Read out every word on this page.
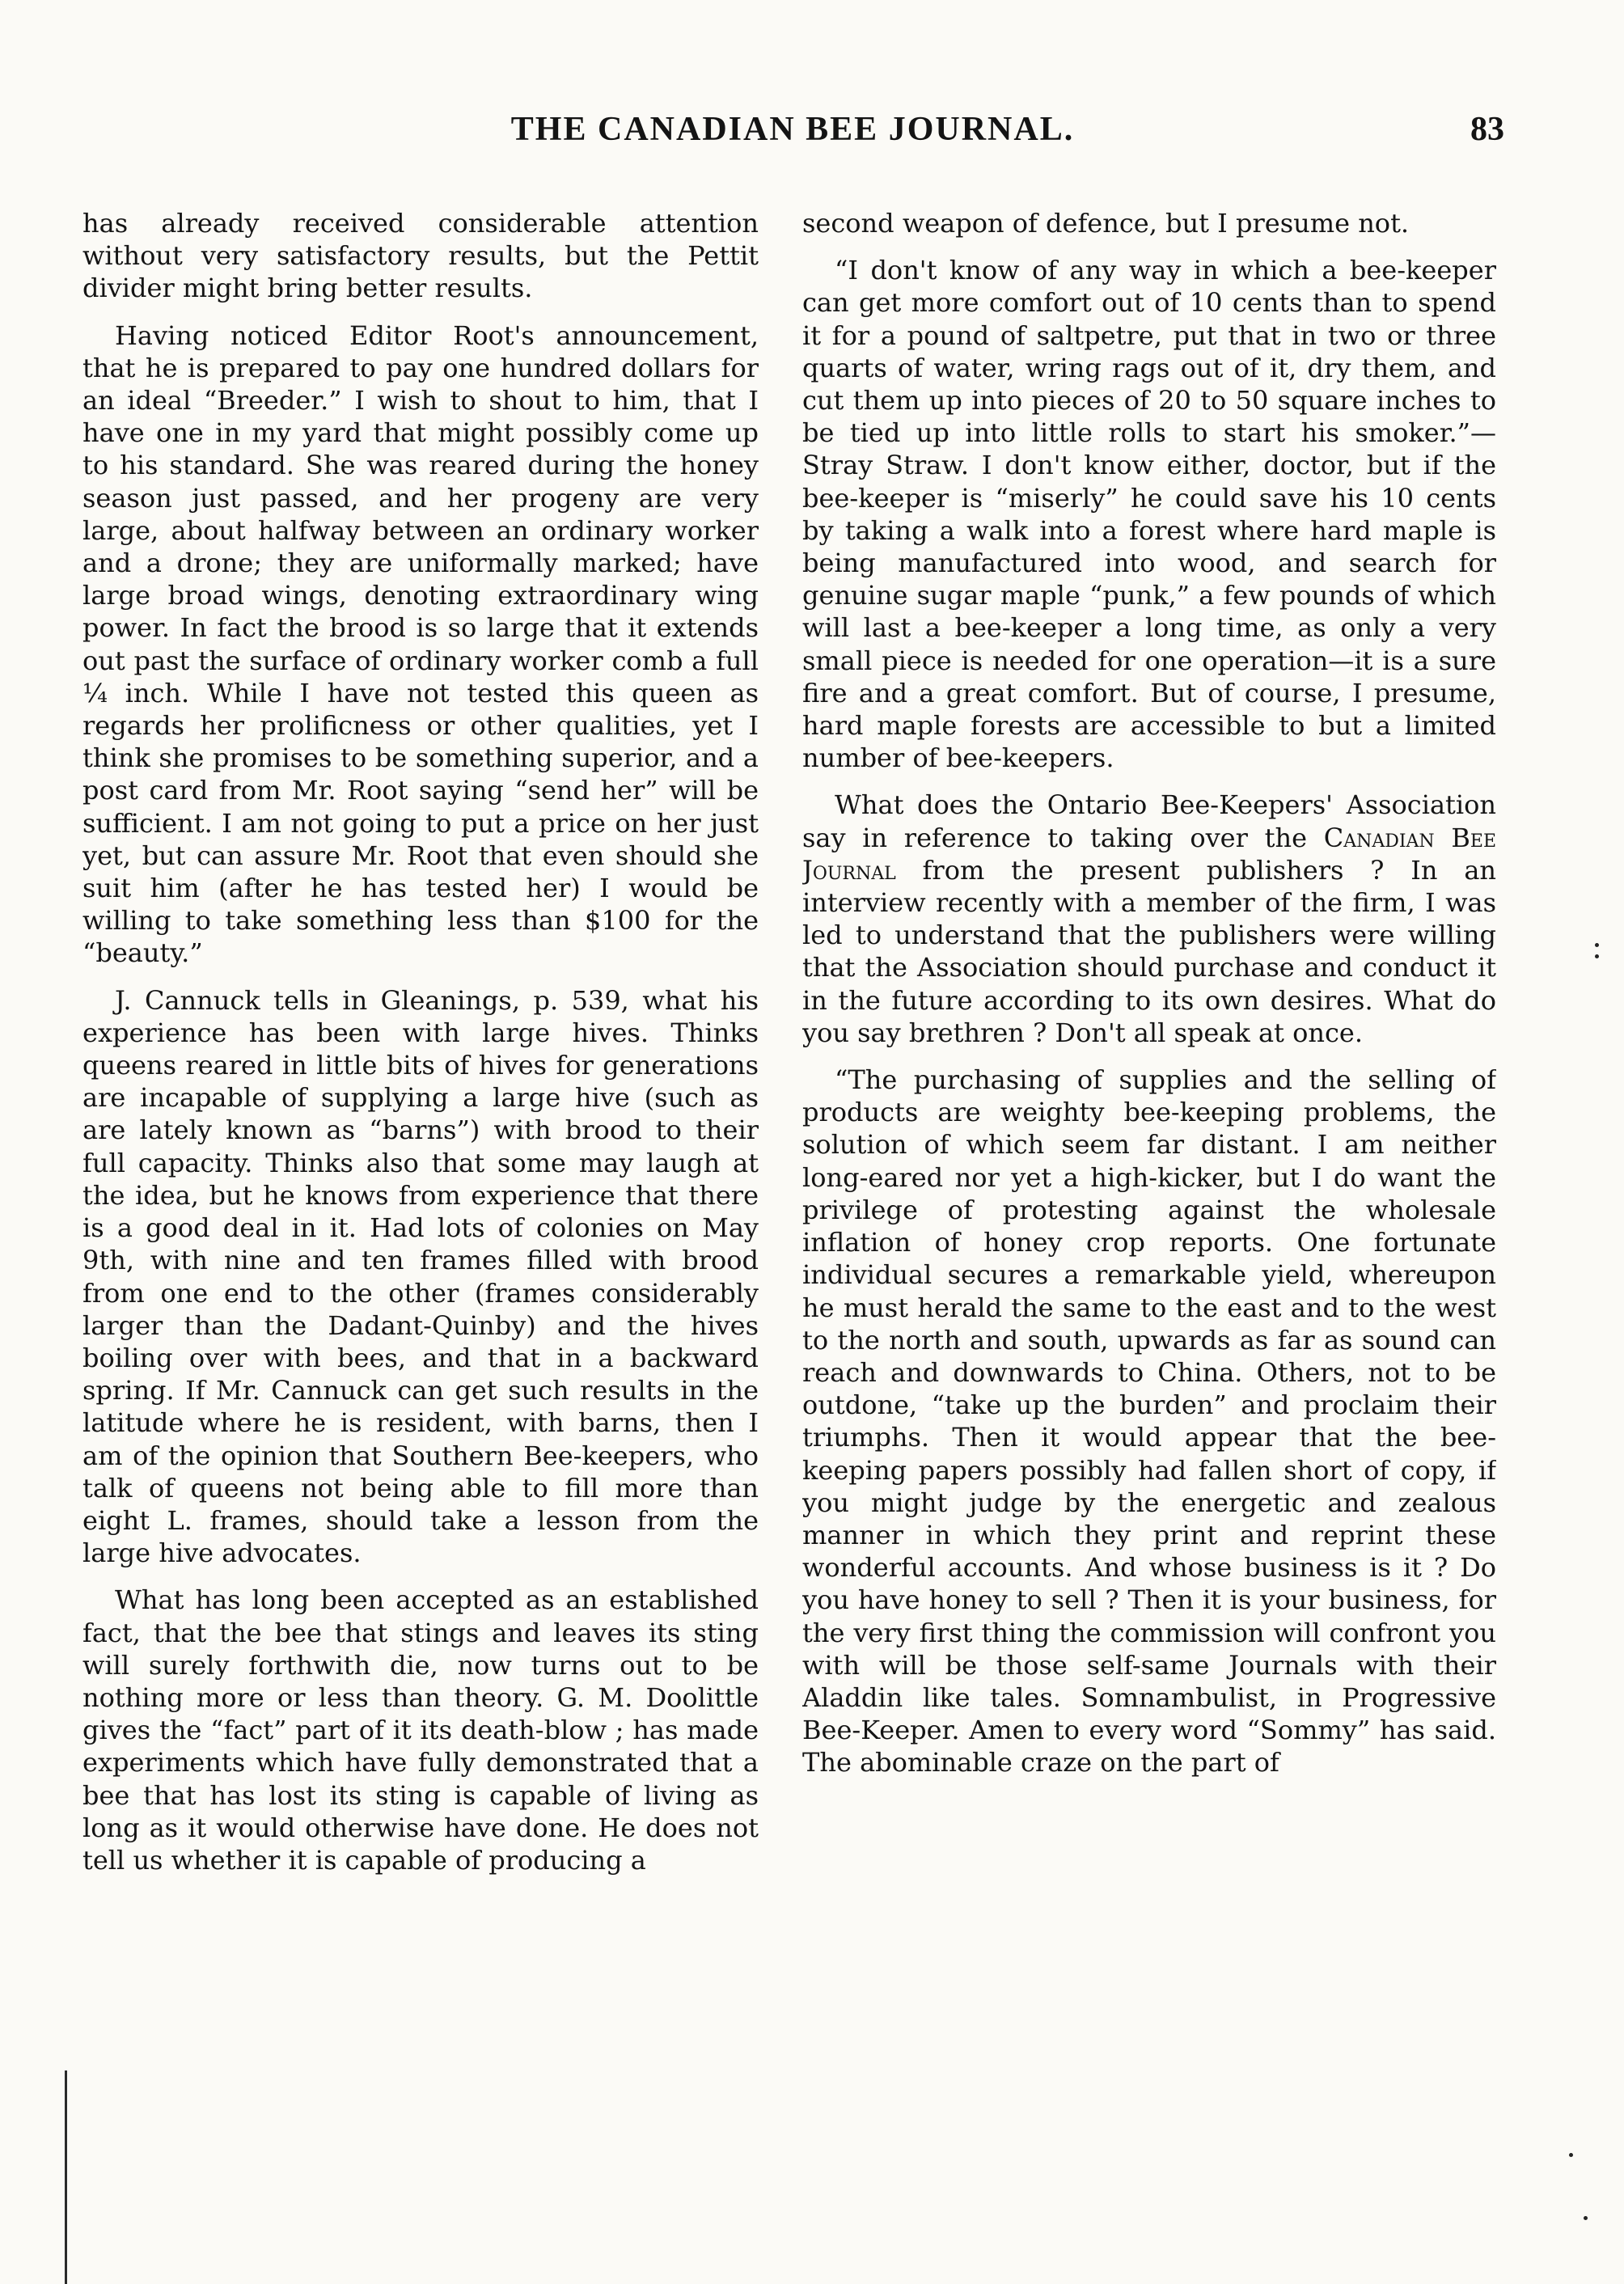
THE CANADIAN BEE JOURNAL.	83

has already received considerable attention without very satisfactory results, but the Pettit divider might bring better results.

Having noticed Editor Root's announcement, that he is prepared to pay one hundred dollars for an ideal “Breeder.” I wish to shout to him, that I have one in my yard that might possibly come up to his standard. She was reared during the honey season just passed, and her progeny are very large, about halfway between an ordinary worker and a drone; they are uniformally marked; have large broad wings, denoting extraordinary wing power. In fact the brood is so large that it extends out past the surface of ordinary worker comb a full ¼ inch. While I have not tested this queen as regards her prolificness or other qualities, yet I think she promises to be something superior, and a post card from Mr. Root saying “send her” will be sufficient. I am not going to put a price on her just yet, but can assure Mr. Root that even should she suit him (after he has tested her) I would be willing to take something less than $100 for the “beauty.”

J. Cannuck tells in Gleanings, p. 539, what his experience has been with large hives. Thinks queens reared in little bits of hives for generations are incapable of supplying a large hive (such as are lately known as “barns”) with brood to their full capacity. Thinks also that some may laugh at the idea, but he knows from experience that there is a good deal in it. Had lots of colonies on May 9th, with nine and ten frames filled with brood from one end to the other (frames considerably larger than the Dadant-Quinby) and the hives boiling over with bees, and that in a backward spring. If Mr. Cannuck can get such results in the latitude where he is resident, with barns, then I am of the opinion that Southern Bee-keepers, who talk of queens not being able to fill more than eight L. frames, should take a lesson from the large hive advocates.

What has long been accepted as an established fact, that the bee that stings and leaves its sting will surely forthwith die, now turns out to be nothing more or less than theory. G. M. Doolittle gives the “fact” part of it its death-blow ; has made experiments which have fully demonstrated that a bee that has lost its sting is capable of living as long as it would otherwise have done. He does not tell us whether it is capable of producing a

second weapon of defence, but I presume not.

“I don't know of any way in which a bee-keeper can get more comfort out of 10 cents than to spend it for a pound of saltpetre, put that in two or three quarts of water, wring rags out of it, dry them, and cut them up into pieces of 20 to 50 square inches to be tied up into little rolls to start his smoker.”—Stray Straw. I don't know either, doctor, but if the bee-keeper is “miserly” he could save his 10 cents by taking a walk into a forest where hard maple is being manufactured into wood, and search for genuine sugar maple “punk,” a few pounds of which will last a bee-keeper a long time, as only a very small piece is needed for one operation—it is a sure fire and a great comfort. But of course, I presume, hard maple forests are accessible to but a limited number of bee-keepers.

What does the Ontario Bee-Keepers' Association say in reference to taking over the Canadian Bee Journal from the present publishers ? In an interview recently with a member of the firm, I was led to understand that the publishers were willing that the Association should purchase and conduct it in the future according to its own desires. What do you say brethren ? Don't all speak at once.

“The purchasing of supplies and the selling of products are weighty bee-keeping problems, the solution of which seem far distant. I am neither long-eared nor yet a high-kicker, but I do want the privilege of protesting against the wholesale inflation of honey crop reports. One fortunate individual secures a remarkable yield, whereupon he must herald the same to the east and to the west to the north and south, upwards as far as sound can reach and downwards to China. Others, not to be outdone, “take up the burden” and proclaim their triumphs. Then it would appear that the bee-keeping papers possibly had fallen short of copy, if you might judge by the energetic and zealous manner in which they print and reprint these wonderful accounts. And whose business is it ? Do you have honey to sell ? Then it is your business, for the very first thing the commission will confront you with will be those self-same Journals with their Aladdin like tales. Somnambulist, in Progressive Bee-Keeper. Amen to every word “Sommy” has said. The abominable craze on the part of
